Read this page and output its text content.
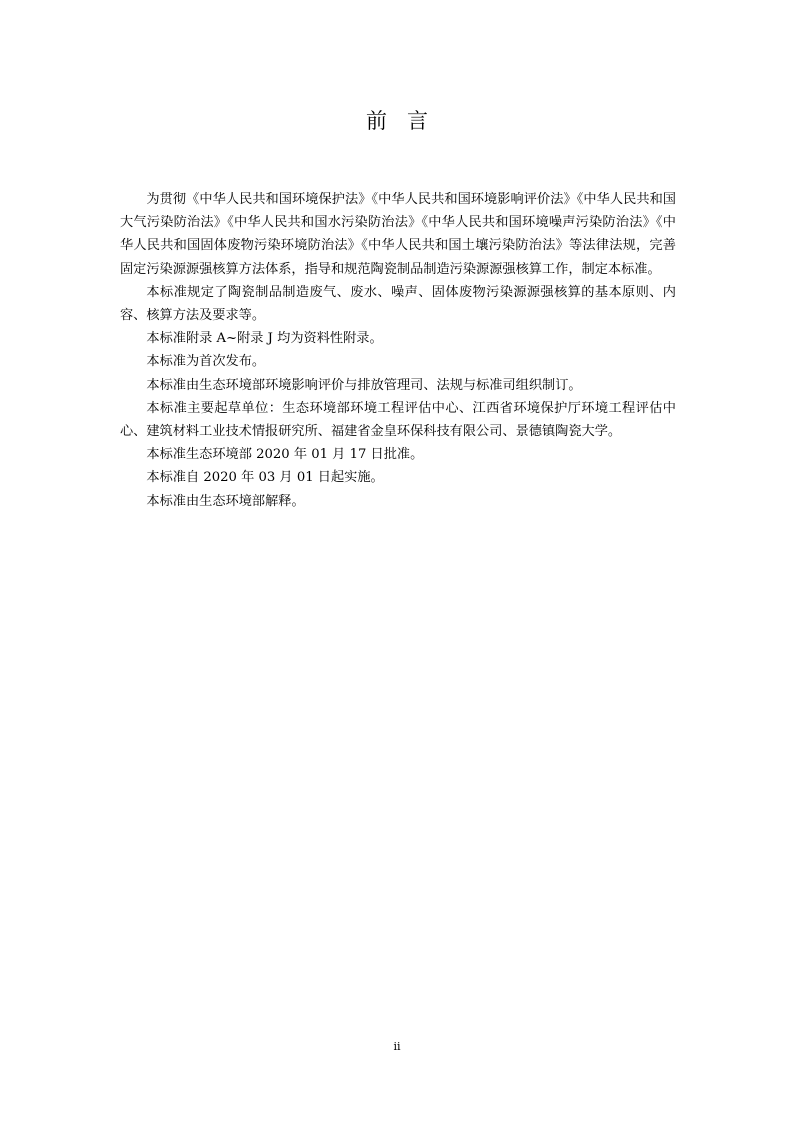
前言

为贯彻《中华人民共和国环境保护法》《中华人民共和国环境影响评价法》《中华人民共和国大气污染防治法》《中华人民共和国水污染防治法》《中华人民共和国环境噪声污染防治法》《中华人民共和国固体废物污染环境防治法》《中华人民共和国土壤污染防治法》等法律法规，完善固定污染源源强核算方法体系，指导和规范陶瓷制品制造污染源源强核算工作，制定本标准。

本标准规定了陶瓷制品制造废气、废水、噪声、固体废物污染源源强核算的基本原则、内容、核算方法及要求等。

本标准附录 A~附录 J 均为资料性附录。

本标准为首次发布。

本标准由生态环境部环境影响评价与排放管理司、法规与标准司组织制订。

本标准主要起草单位：生态环境部环境工程评估中心、江西省环境保护厅环境工程评估中心、建筑材料工业技术情报研究所、福建省金皇环保科技有限公司、景德镇陶瓷大学。

本标准生态环境部 2020 年 01 月 17 日批准。

本标准自 2020 年 03 月 01 日起实施。

本标准由生态环境部解释。

ii
